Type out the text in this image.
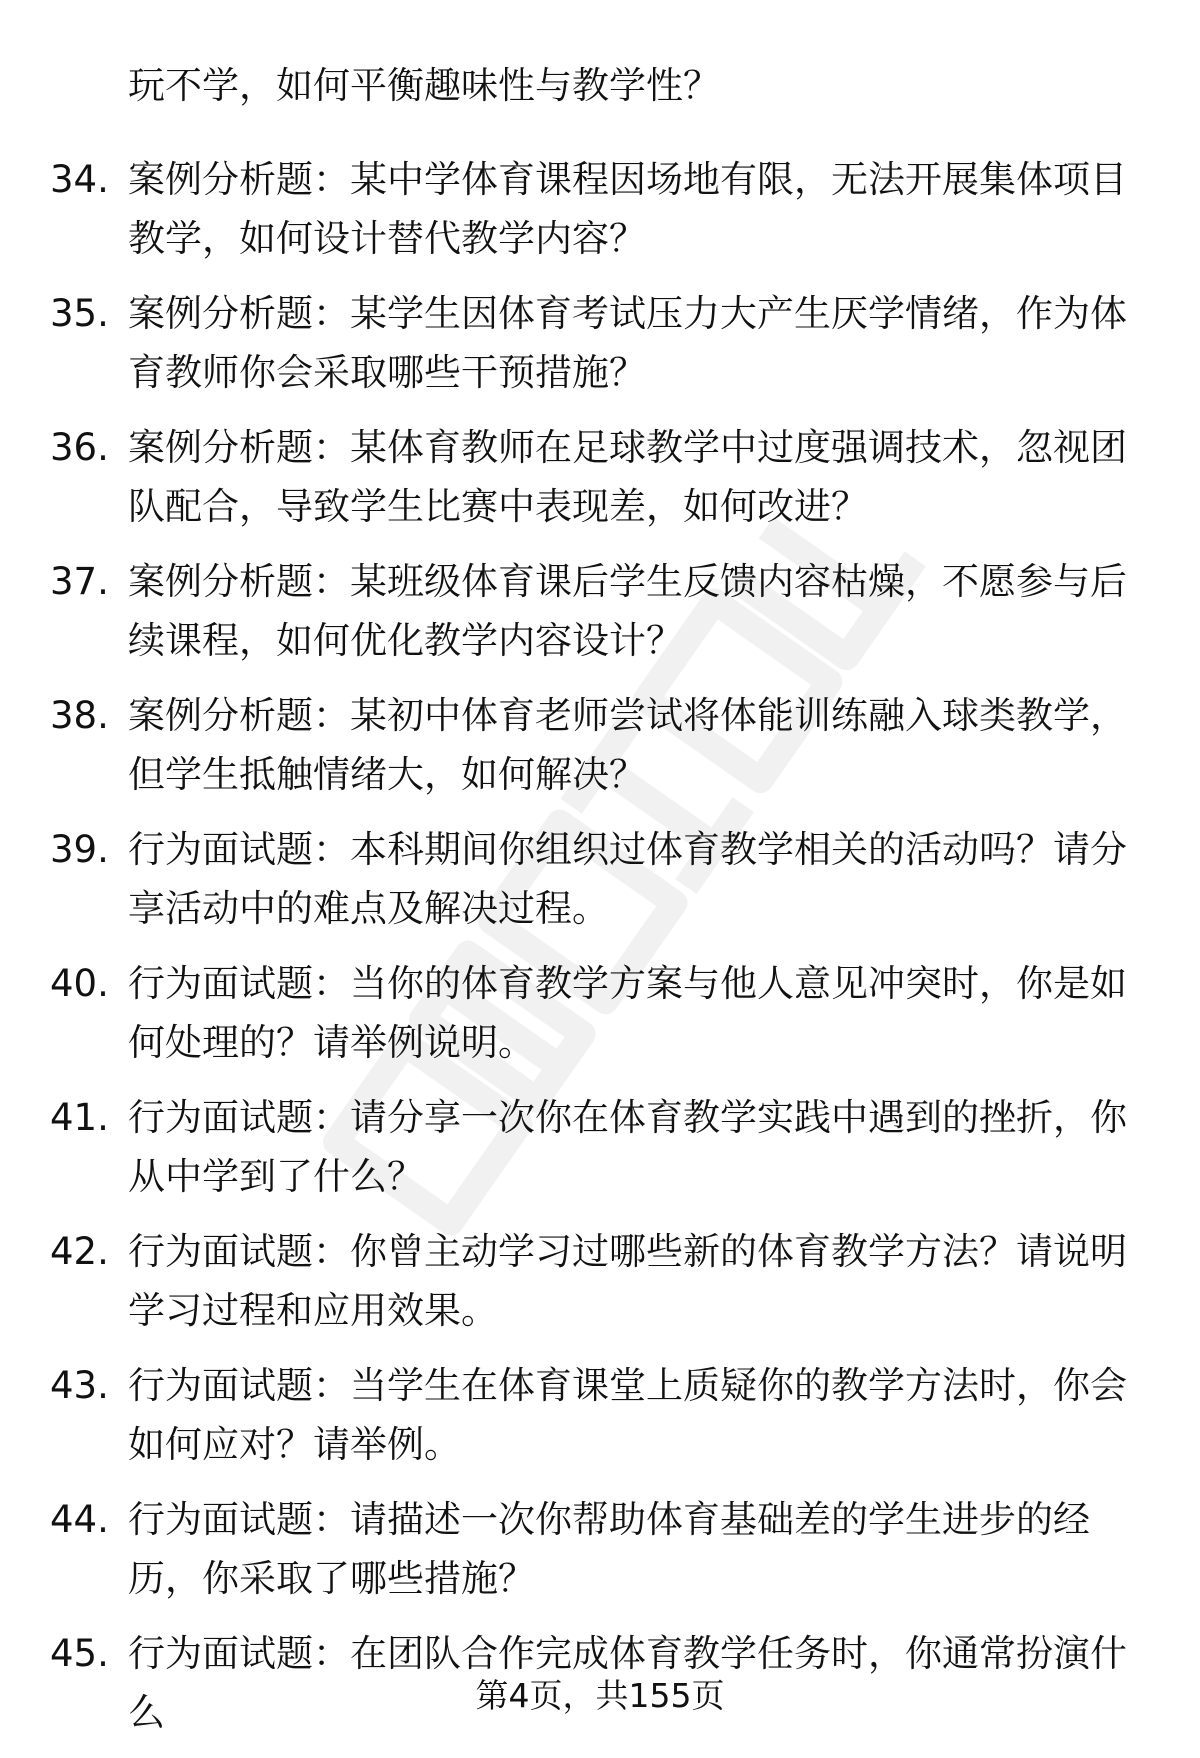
玩不学，如何平衡趣味性与教学性？
34. 案例分析题：某中学体育课程因场地有限，无法开展集体项目教学，如何设计替代教学内容？
35. 案例分析题：某学生因体育考试压力大产生厌学情绪，作为体育教师你会采取哪些干预措施？
36. 案例分析题：某体育教师在足球教学中过度强调技术，忽视团队配合，导致学生比赛中表现差，如何改进？
37. 案例分析题：某班级体育课后学生反馈内容枯燥，不愿参与后续课程，如何优化教学内容设计？
38. 案例分析题：某初中体育老师尝试将体能训练融入球类教学，但学生抵触情绪大，如何解决？
39. 行为面试题：本科期间你组织过体育教学相关的活动吗？请分享活动中的难点及解决过程。
40. 行为面试题：当你的体育教学方案与他人意见冲突时，你是如何处理的？请举例说明。
41. 行为面试题：请分享一次你在体育教学实践中遇到的挫折，你从中学到了什么？
42. 行为面试题：你曾主动学习过哪些新的体育教学方法？请说明学习过程和应用效果。
43. 行为面试题：当学生在体育课堂上质疑你的教学方法时，你会如何应对？请举例。
44. 行为面试题：请描述一次你帮助体育基础差的学生进步的经历，你采取了哪些措施？
45. 行为面试题：在团队合作完成体育教学任务时，你通常扮演什么	第4页，共155页
